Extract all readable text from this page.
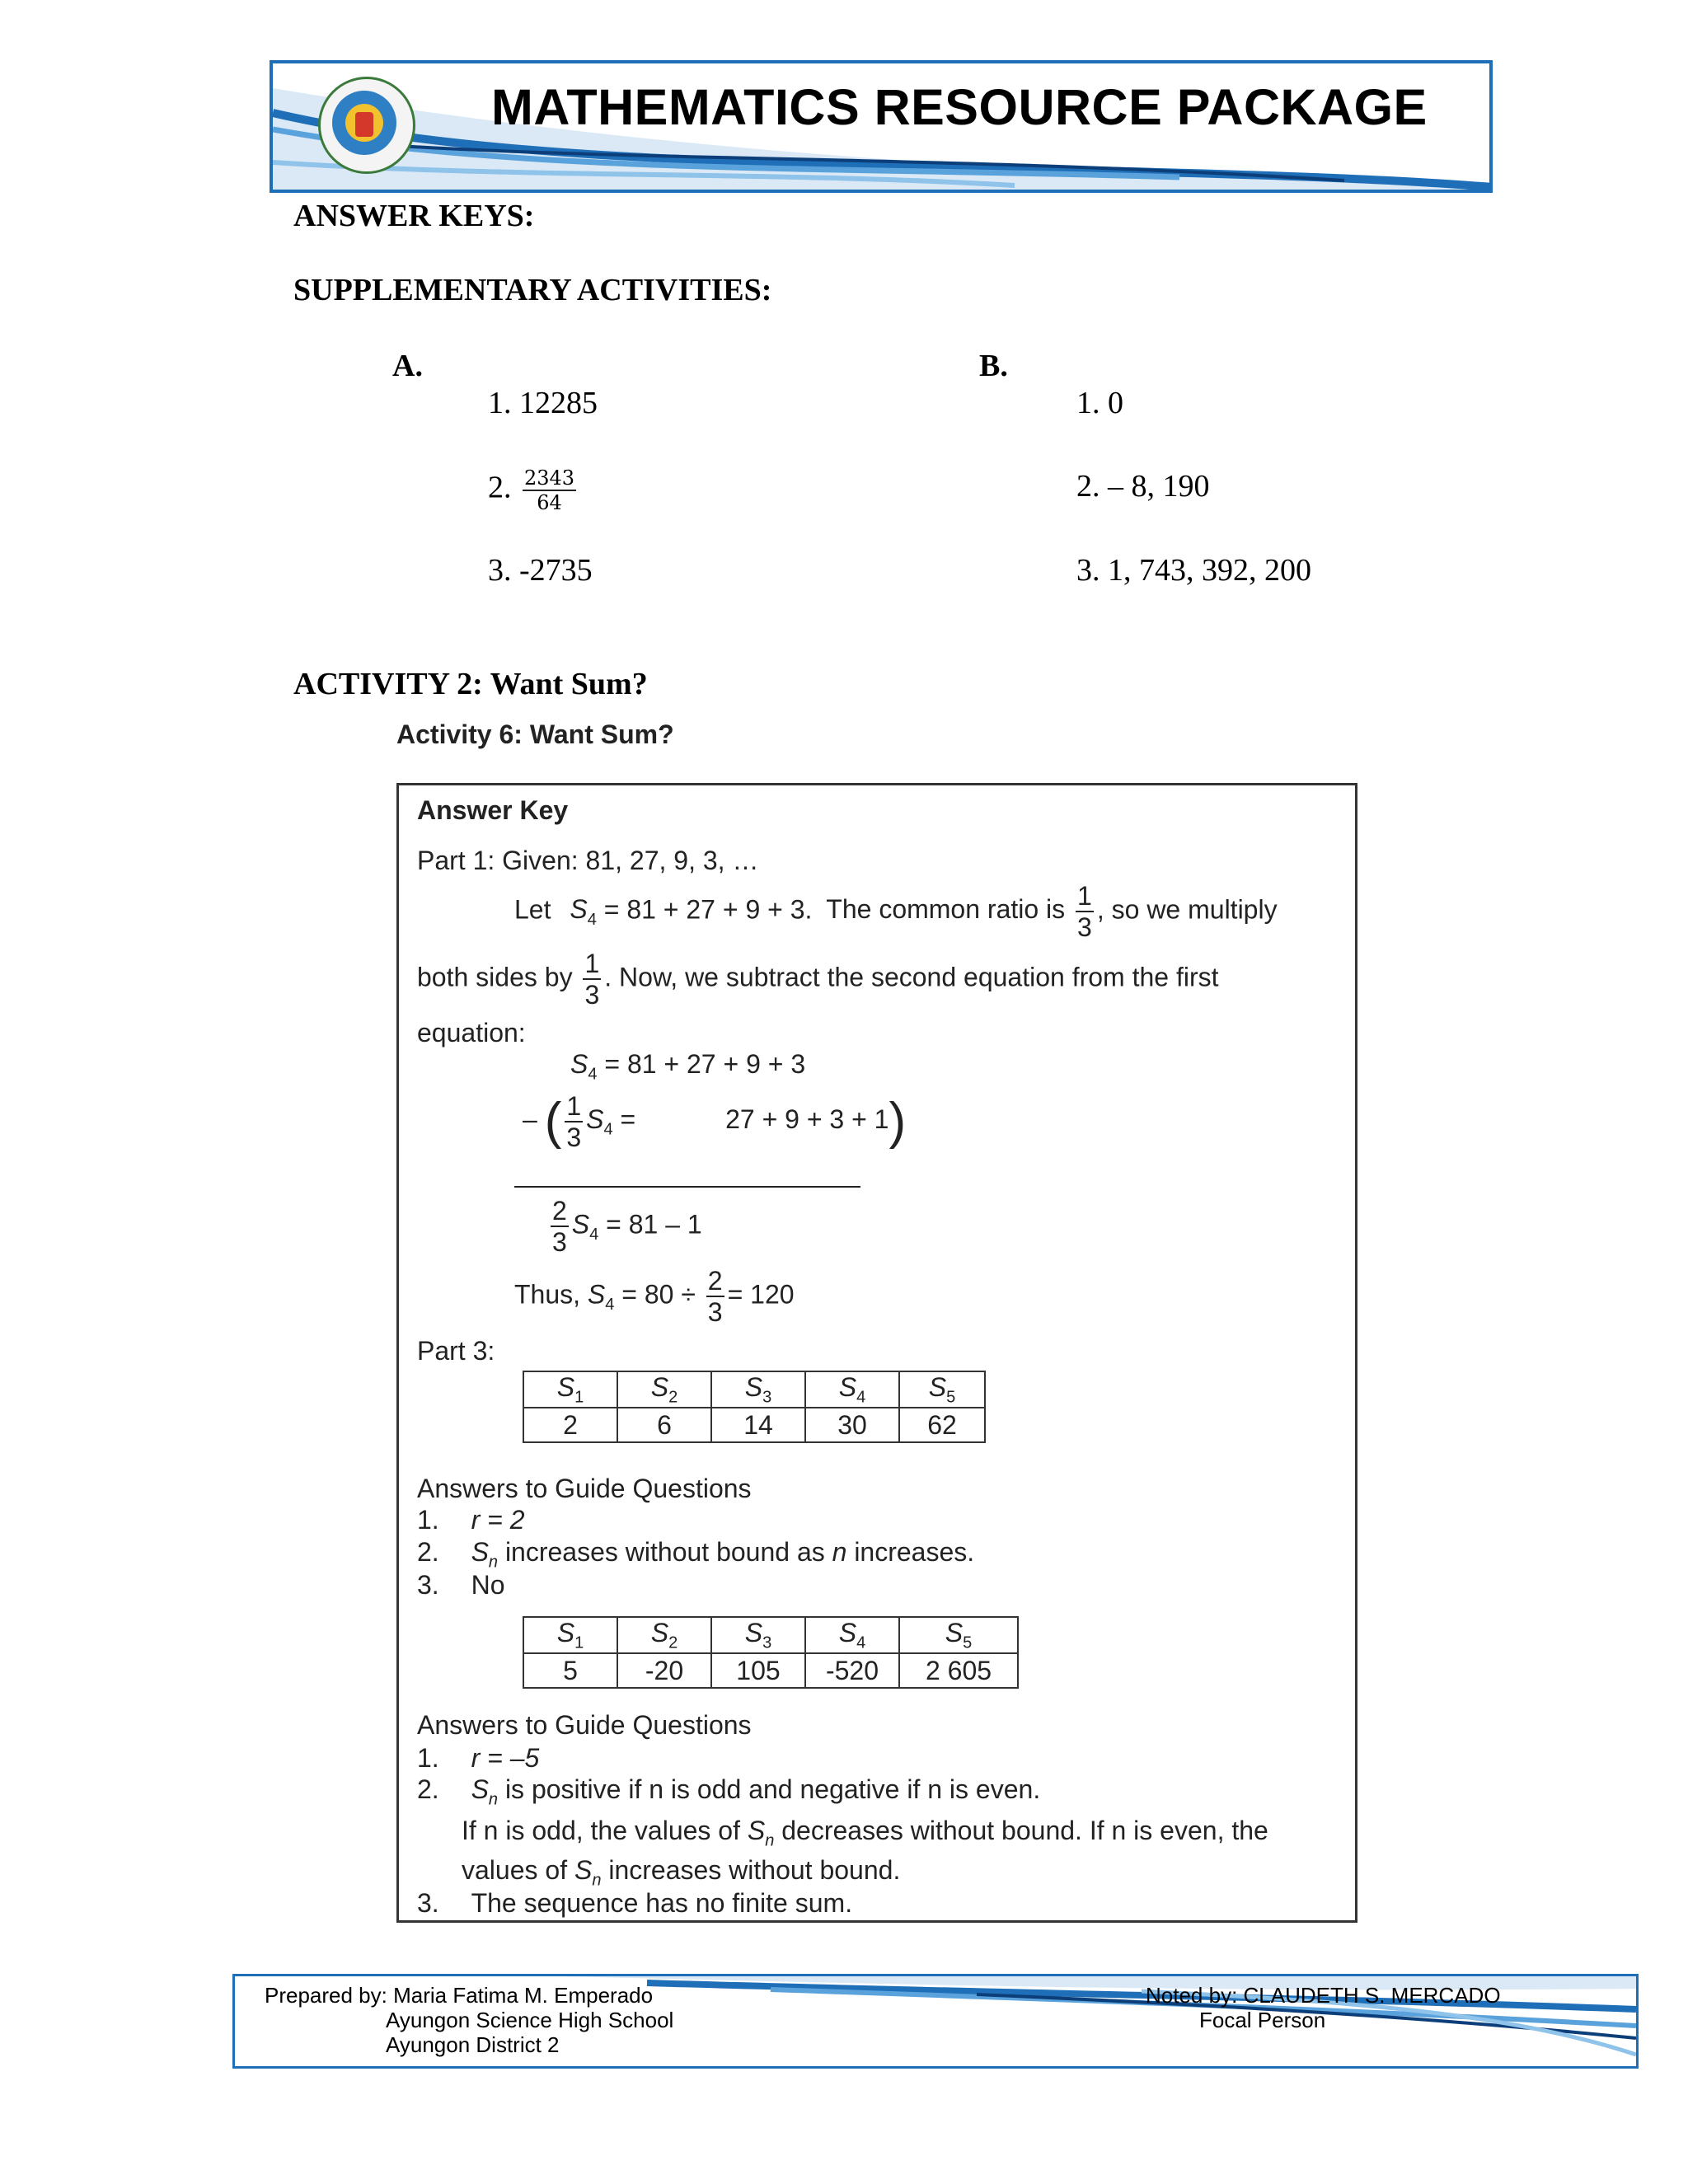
MATHEMATICS RESOURCE PACKAGE
ANSWER KEYS:
SUPPLEMENTARY ACTIVITIES:
A.
1. 12285
2. $\frac{2343}{64}$
3. -2735
B.
1. 0
2. – 8, 190
3. 1, 743, 392, 200
ACTIVITY 2: Want Sum?
Activity 6: Want Sum?
Answer Key
Part 1: Given: 81, 27, 9, 3, …
Let $S_4 = 81 + 27 + 9 + 3$. The common ratio is $\frac{1}{3}$ , so we multiply
both sides by $\frac{1}{3}$ . Now, we subtract the second equation from the first
equation:
$S_4 = 81 + 27 + 9 + 3$
– ( $\frac{1}{3} S_4$ =	27 + 9 + 3 + 1)
$\frac{2}{3} S_4 = 81 - 1$
Thus, $S_4 = 80 \div \frac{2}{3} = 120$
Part 3:
$S_1$	$S_2$	$S_3$	$S_4$	$S_5$
2	6	14	30	62
Answers to Guide Questions
1. r = 2
2. $S_n$ increases without bound as n increases.
3. No
$S_1$	$S_2$	$S_3$	$S_4$	$S_5$
5	-20	105	-520	2 605
Answers to Guide Questions
1. r = –5
2. $S_n$ is positive if n is odd and negative if n is even.
If n is odd, the values of $S_n$ decreases without bound. If n is even, the
values of $S_n$ increases without bound.
3. The sequence has no finite sum.
Prepared by: Maria Fatima M. Emperado
Ayungon Science High School
Ayungon District 2
Noted by: CLAUDETH S. MERCADO
Focal Person
